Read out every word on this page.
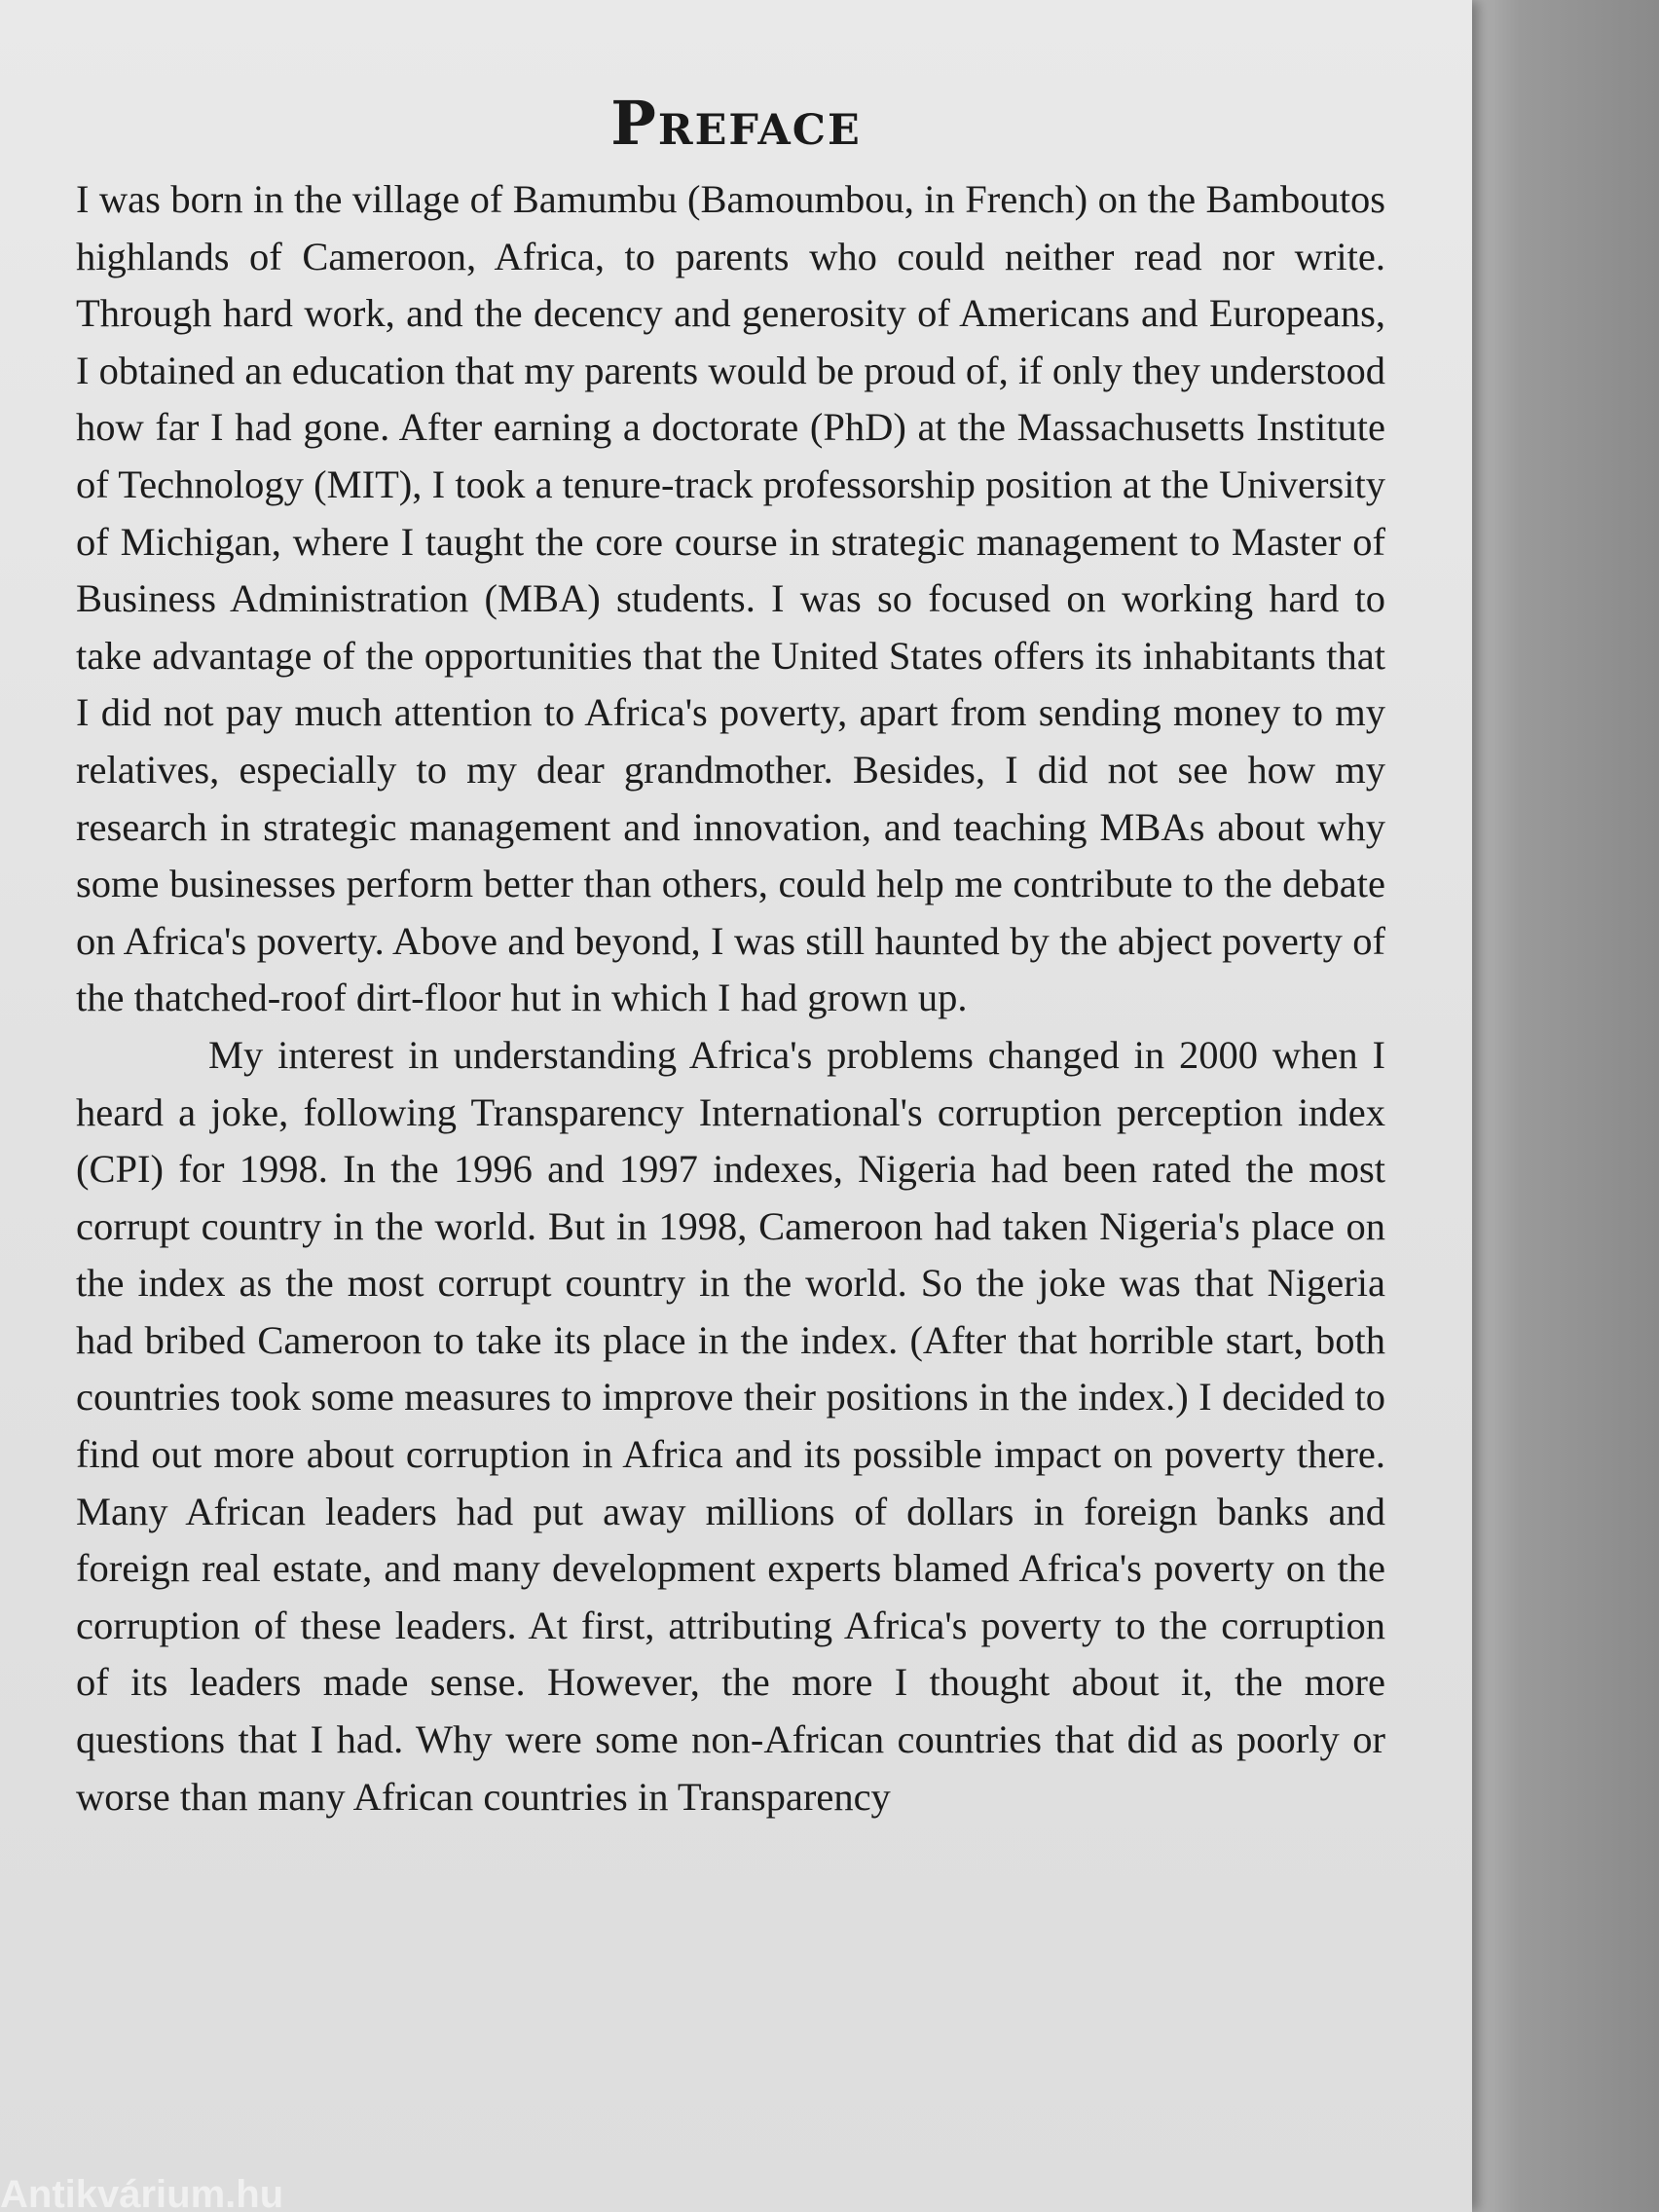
Preface

I was born in the village of Bamumbu (Bamoumbou, in French) on the Bamboutos highlands of Cameroon, Africa, to parents who could neither read nor write. Through hard work, and the decency and generosity of Americans and Europeans, I obtained an education that my parents would be proud of, if only they understood how far I had gone. After earning a doctorate (PhD) at the Massachusetts Institute of Technology (MIT), I took a tenure-track professorship position at the University of Michigan, where I taught the core course in strategic management to Master of Business Administration (MBA) students. I was so focused on working hard to take advantage of the opportunities that the United States offers its inhabitants that I did not pay much attention to Africa's poverty, apart from sending money to my relatives, especially to my dear grandmother. Besides, I did not see how my research in strategic management and innovation, and teaching MBAs about why some businesses perform better than others, could help me contribute to the debate on Africa's poverty. Above and beyond, I was still haunted by the abject poverty of the thatched-roof dirt-floor hut in which I had grown up.

My interest in understanding Africa's problems changed in 2000 when I heard a joke, following Transparency International's corruption perception index (CPI) for 1998. In the 1996 and 1997 indexes, Nigeria had been rated the most corrupt country in the world. But in 1998, Cameroon had taken Nigeria's place on the index as the most corrupt country in the world. So the joke was that Nigeria had bribed Cameroon to take its place in the index. (After that horrible start, both countries took some measures to improve their positions in the index.) I decided to find out more about corruption in Africa and its possible impact on poverty there. Many African leaders had put away millions of dollars in foreign banks and foreign real estate, and many development experts blamed Africa's poverty on the corruption of these leaders. At first, attributing Africa's poverty to the corruption of its leaders made sense. However, the more I thought about it, the more questions that I had. Why were some non-African countries that did as poorly or worse than many African countries in Transparency

Antikvárium.hu
